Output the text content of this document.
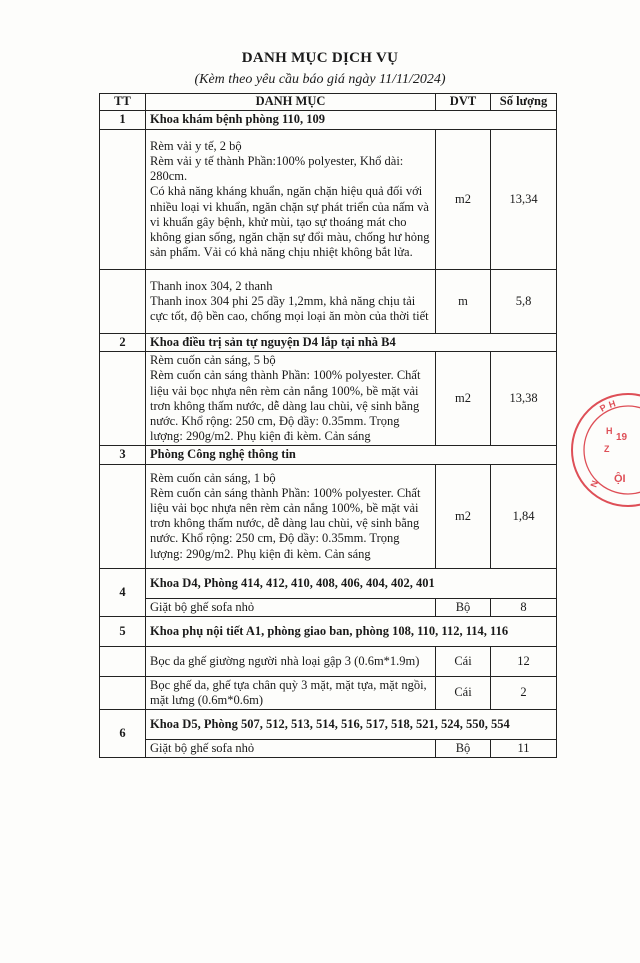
DANH MỤC DỊCH VỤ
(Kèm theo yêu cầu báo giá ngày 11/11/2024)
TT	DANH MỤC	DVT	Số lượng
1	Khoa khám bệnh phòng 110, 109		

	Rèm vải y tế, 2 bộ
Rèm vải y tế thành Phần:100% polyester, Khổ dài: 280cm.
Có khả năng kháng khuẩn, ngăn chặn hiệu quả đối với nhiều loại vi khuẩn, ngăn chặn sự phát triển của nấm và vi khuẩn gây bệnh, khử mùi, tạo sự thoáng mát cho không gian sống, ngăn chặn sự đổi màu, chống hư hỏng sản phẩm. Vải có khả năng chịu nhiệt không bắt lửa.	m2	13,34

	Thanh inox 304, 2 thanh
Thanh inox 304 phi 25 dầy 1,2mm, khả năng chịu tải cực tốt, độ bền cao, chống mọi loại ăn mòn của thời tiết	m	5,8
2	Khoa điều trị sản tự nguyện D4 lắp tại nhà B4		

	Rèm cuốn cản sáng, 5 bộ
Rèm cuốn cản sáng thành Phần: 100% polyester. Chất liệu vải bọc nhựa nên rèm cản nắng 100%, bề mặt vải trơn không thấm nước, dễ dàng lau chùi, vệ sinh bằng nước. Khổ rộng: 250 cm, Độ dầy: 0.35mm. Trọng lượng: 290g/m2. Phụ kiện đi kèm. Cản sáng	m2	13,38
3	Phòng Công nghệ thông tin		

	Rèm cuốn cản sáng, 1 bộ
Rèm cuốn cản sáng thành Phần: 100% polyester. Chất liệu vải bọc nhựa nên rèm cản nắng 100%, bề mặt vải trơn không thấm nước, dễ dàng lau chùi, vệ sinh bằng nước. Khổ rộng: 250 cm, Độ dầy: 0.35mm. Trọng lượng: 290g/m2. Phụ kiện đi kèm. Cản sáng	m2	1,84
4	Khoa D4, Phòng 414, 412, 410, 408, 406, 404, 402, 401		

	Giặt bộ ghế sofa nhỏ	Bộ	8
5	Khoa phụ nội tiết A1, phòng giao ban, phòng 108, 110, 112, 114, 116		

	Bọc da ghế giường người nhà loại gập 3 (0.6m*1.9m)	Cái	12

	Bọc ghế da, ghế tựa chân quỳ 3 mặt, mặt tựa, mặt ngồi, mặt lưng (0.6m*0.6m)	Cái	2
6	Khoa D5, Phòng 507, 512, 513, 514, 516, 517, 518, 521, 524, 550, 554		

	Giặt bộ ghế sofa nhỏ	Bộ	11
P H
H
Z
N
19
ỘI
